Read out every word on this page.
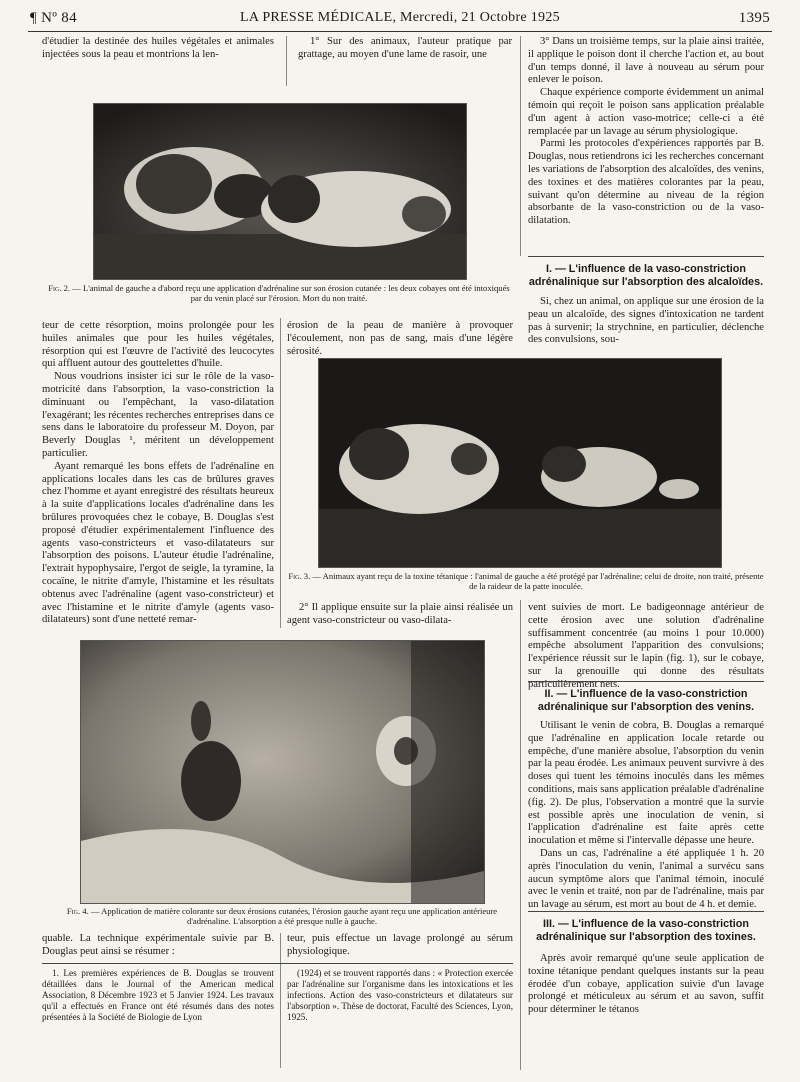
¶ Nº 84	LA PRESSE MÉDICALE, Mercredi, 21 Octobre 1925	1395

d'étudier la destinée des huiles végétales et animales injectées sous la peau et montrions la len-

1° Sur des animaux, l'auteur pratique par grattage, au moyen d'une lame de rasoir, une

3° Dans un troisième temps, sur la plaie ainsi traitée, il applique le poison dont il cherche l'action et, au bout d'un temps donné, il lave à nouveau au sérum pour enlever le poison.

Chaque expérience comporte évidemment un animal témoin qui reçoit le poison sans application préalable d'un agent à action vaso-motrice; celle-ci a été remplacée par un lavage au sérum physiologique.

Parmi les protocoles d'expériences rapportés par B. Douglas, nous retiendrons ici les recherches concernant les variations de l'absorption des alcaloïdes, des venins, des toxines et des matières colorantes par la peau, suivant qu'on détermine au niveau de la région absorbante de la vaso-constriction ou de la vaso-dilatation.

Fig. 2. — L'animal de gauche a d'abord reçu une application d'adrénaline sur son érosion cutanée : les deux cobayes ont été intoxiqués par du venin placé sur l'érosion. Mort du non traité.
I. — L'influence de la vaso-constriction adrénalinique sur l'absorption des alcaloïdes.

Si, chez un animal, on applique sur une érosion de la peau un alcaloïde, des signes d'intoxication ne tardent pas à survenir; la strychnine, en particulier, déclenche des convulsions, sou-

teur de cette résorption, moins prolongée pour les huiles animales que pour les huiles végétales, résorption qui est l'œuvre de l'activité des leucocytes qui affluent autour des gouttelettes d'huile.

Nous voudrions insister ici sur le rôle de la vaso-motricité dans l'absorption, la vaso-constriction la diminuant ou l'empêchant, la vaso-dilatation l'exagérant; les récentes recherches entreprises dans ce sens dans le laboratoire du professeur M. Doyon, par Beverly Douglas ¹, méritent un développement particulier.

Ayant remarqué les bons effets de l'adrénaline en applications locales dans les cas de brûlures graves chez l'homme et ayant enregistré des résultats heureux à la suite d'applications locales d'adrénaline dans les brûlures provoquées chez le cobaye, B. Douglas s'est proposé d'étudier expérimentalement l'influence des agents vaso-constricteurs et vaso-dilatateurs sur l'absorption des poisons. L'auteur étudie l'adrénaline, l'extrait hypophysaire, l'ergot de seigle, la tyramine, la cocaïne, le nitrite d'amyle, l'histamine et les résultats obtenus avec l'adrénaline (agent vaso-constricteur) et avec l'histamine et le nitrite d'amyle (agents vaso-dilatateurs) sont d'une netteté remar-

érosion de la peau de manière à provoquer l'écoulement, non pas de sang, mais d'une légère sérosité.

Fig. 3. — Animaux ayant reçu de la toxine tétanique : l'animal de gauche a été protégé par l'adrénaline; celui de droite, non traité, présente de la raideur de la patte inoculée.

2° Il applique ensuite sur la plaie ainsi réalisée un agent vaso-constricteur ou vaso-dilata-

vent suivies de mort. Le badigeonnage antérieur de cette érosion avec une solution d'adrénaline suffisamment concentrée (au moins 1 pour 10.000) empêche absolument l'apparition des convulsions; l'expérience réussit sur le lapin (fig. 1), sur le cobaye, sur la grenouille qui donne des résultats particulièrement nets.

II. — L'influence de la vaso-constriction adrénalinique sur l'absorption des venins.

Utilisant le venin de cobra, B. Douglas a remarqué que l'adrénaline en application locale retarde ou empêche, d'une manière absolue, l'absorption du venin par la peau érodée. Les animaux peuvent survivre à des doses qui tuent les témoins inoculés dans les mêmes conditions, mais sans application préalable d'adrénaline (fig. 2). De plus, l'observation a montré que la survie est possible après une inoculation de venin, si l'application d'adrénaline est faite après cette inoculation et même si l'intervalle dépasse une heure.

Dans un cas, l'adrénaline a été appliquée 1 h. 20 après l'inoculation du venin, l'animal a survécu sans aucun symptôme alors que l'animal témoin, inoculé avec le venin et traité, non par de l'adrénaline, mais par un lavage au sérum, est mort au bout de 4 h. et demie.

III. — L'influence de la vaso-constriction adrénalinique sur l'absorption des toxines.

Après avoir remarqué qu'une seule application de toxine tétanique pendant quelques instants sur la peau érodée d'un cobaye, application suivie d'un lavage prolongé et méticuleux au sérum et au savon, suffit pour déterminer le tétanos

Fig. 4. — Application de matière colorante sur deux érosions cutanées, l'érosion gauche ayant reçu une application antérieure d'adrénaline. L'absorption a été presque nulle à gauche.

quable. La technique expérimentale suivie par B. Douglas peut ainsi se résumer :

teur, puis effectue un lavage prolongé au sérum physiologique.

1. Les premières expériences de B. Douglas se trouvent détaillées dans le Journal of the American medical Association, 8 Décembre 1923 et 5 Janvier 1924. Les travaux qu'il a effectués en France ont été résumés dans des notes présentées à la Société de Biologie de Lyon

(1924) et se trouvent rapportés dans : « Protection exercée par l'adrénaline sur l'organisme dans les intoxications et les infections. Action des vaso-constricteurs et dilatateurs sur l'absorption ». Thèse de doctorat, Faculté des Sciences, Lyon, 1925.
